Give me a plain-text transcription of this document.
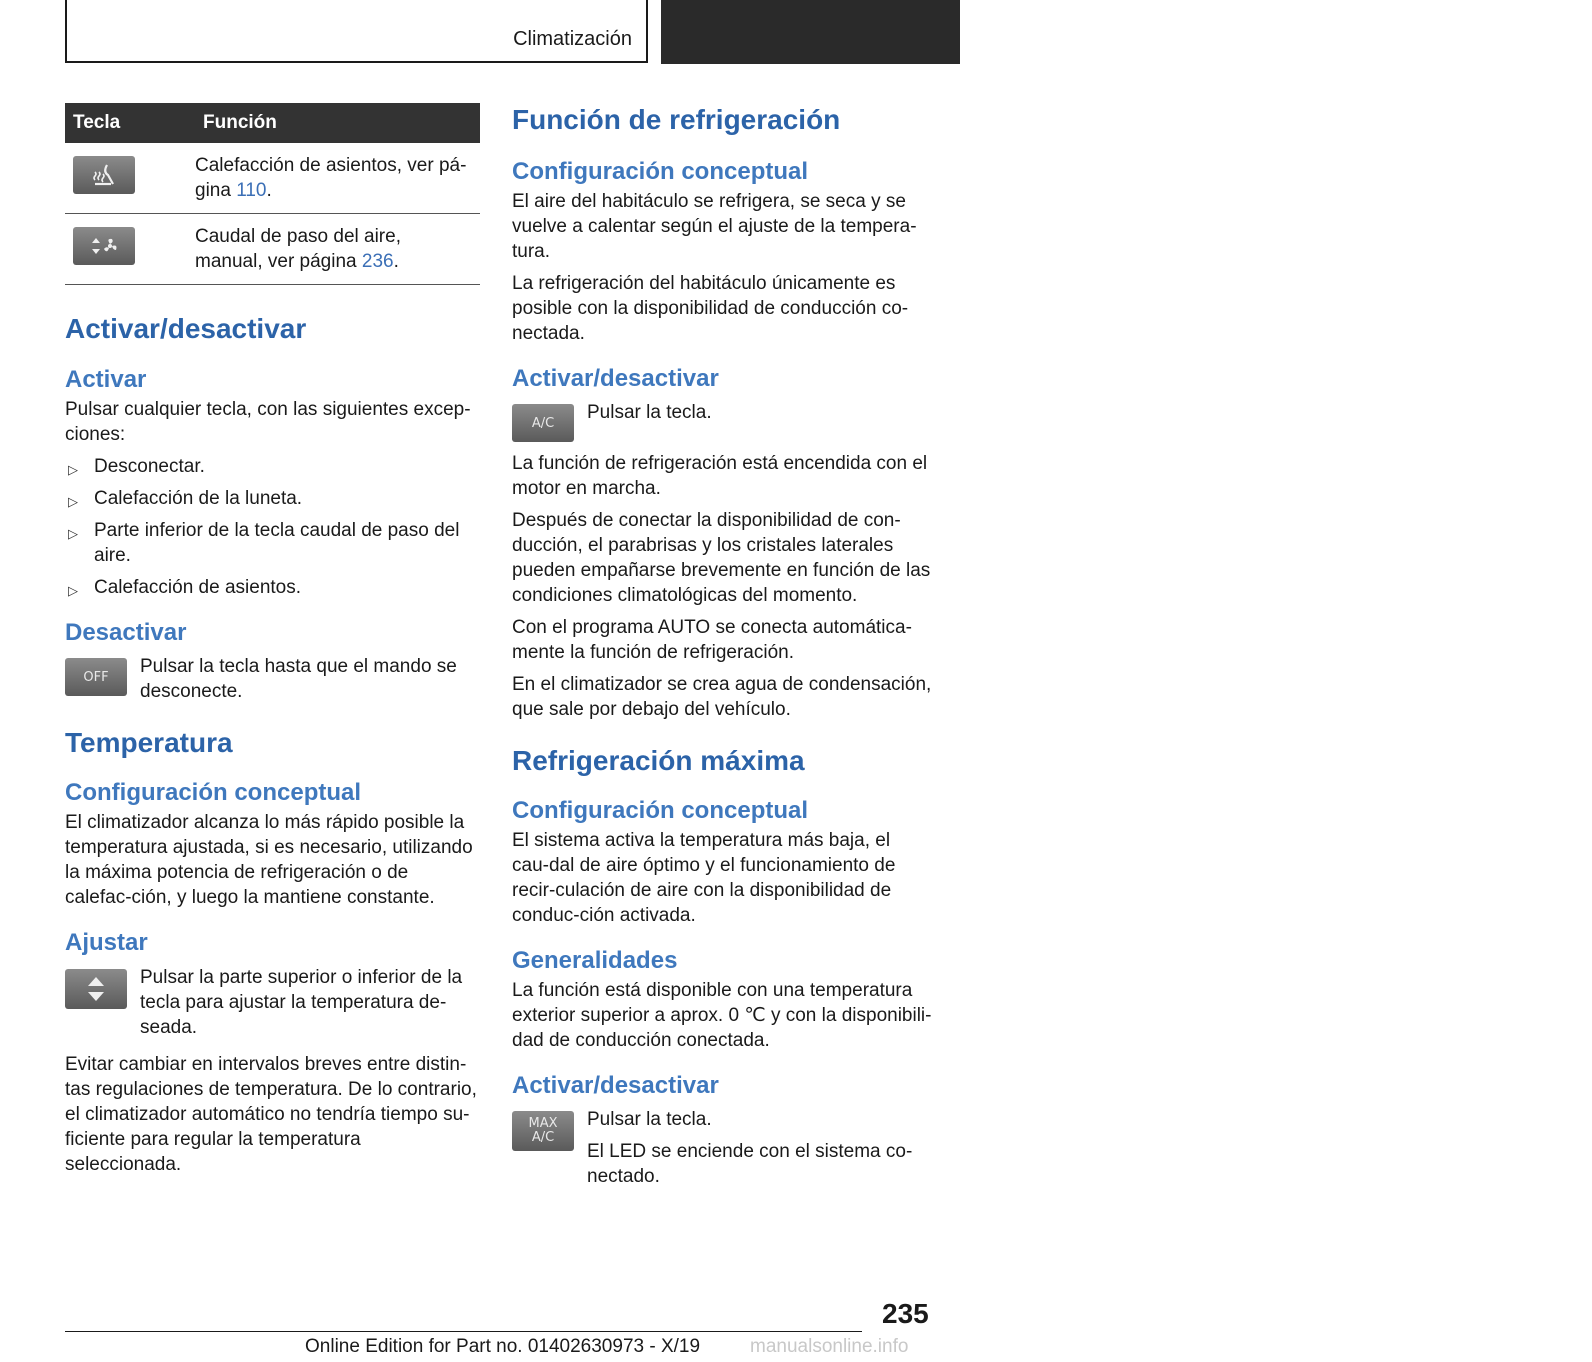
Climatización	MANEJO
Tecla	Función

	Calefacción de asientos, ver pá-gina 110.

	Caudal de paso del aire, manual, ver página 236.
Activar/desactivar
Activar

Pulsar cualquier tecla, con las siguientes excep-ciones:

▷ Desconectar.
▷ Calefacción de la luneta.
▷ Parte inferior de la tecla caudal de paso del aire.
▷ Calefacción de asientos.
Desactivar
OFF	Pulsar la tecla hasta que el mando se desconecte.

Temperatura
Configuración conceptual

El climatizador alcanza lo más rápido posible la temperatura ajustada, si es necesario, utilizando la máxima potencia de refrigeración o de calefac-ción, y luego la mantiene constante.

Ajustar

Pulsar la parte superior o inferior de la tecla para ajustar la temperatura de-seada.

Evitar cambiar en intervalos breves entre distin-tas regulaciones de temperatura. De lo contrario, el climatizador automático no tendría tiempo su-ficiente para regular la temperatura seleccionada.

Función de refrigeración
Configuración conceptual

El aire del habitáculo se refrigera, se seca y se vuelve a calentar según el ajuste de la tempera-tura.

La refrigeración del habitáculo únicamente es posible con la disponibilidad de conducción co-nectada.

Activar/desactivar
A/C	Pulsar la tecla.

La función de refrigeración está encendida con el motor en marcha.

Después de conectar la disponibilidad de con-ducción, el parabrisas y los cristales laterales pueden empañarse brevemente en función de las condiciones climatológicas del momento.

Con el programa AUTO se conecta automática-mente la función de refrigeración.

En el climatizador se crea agua de condensación, que sale por debajo del vehículo.

Refrigeración máxima
Configuración conceptual

El sistema activa la temperatura más baja, el cau-dal de aire óptimo y el funcionamiento de recir-culación de aire con la disponibilidad de conduc-ción activada.

Generalidades

La función está disponible con una temperatura exterior superior a aprox. 0 ℃ y con la disponibili-dad de conducción conectada.

Activar/desactivar
MAX
A/C

Pulsar la tecla.

El LED se enciende con el sistema co-nectado.

235
Online Edition for Part no. 01402630973 - X/19	manualsonline.info
